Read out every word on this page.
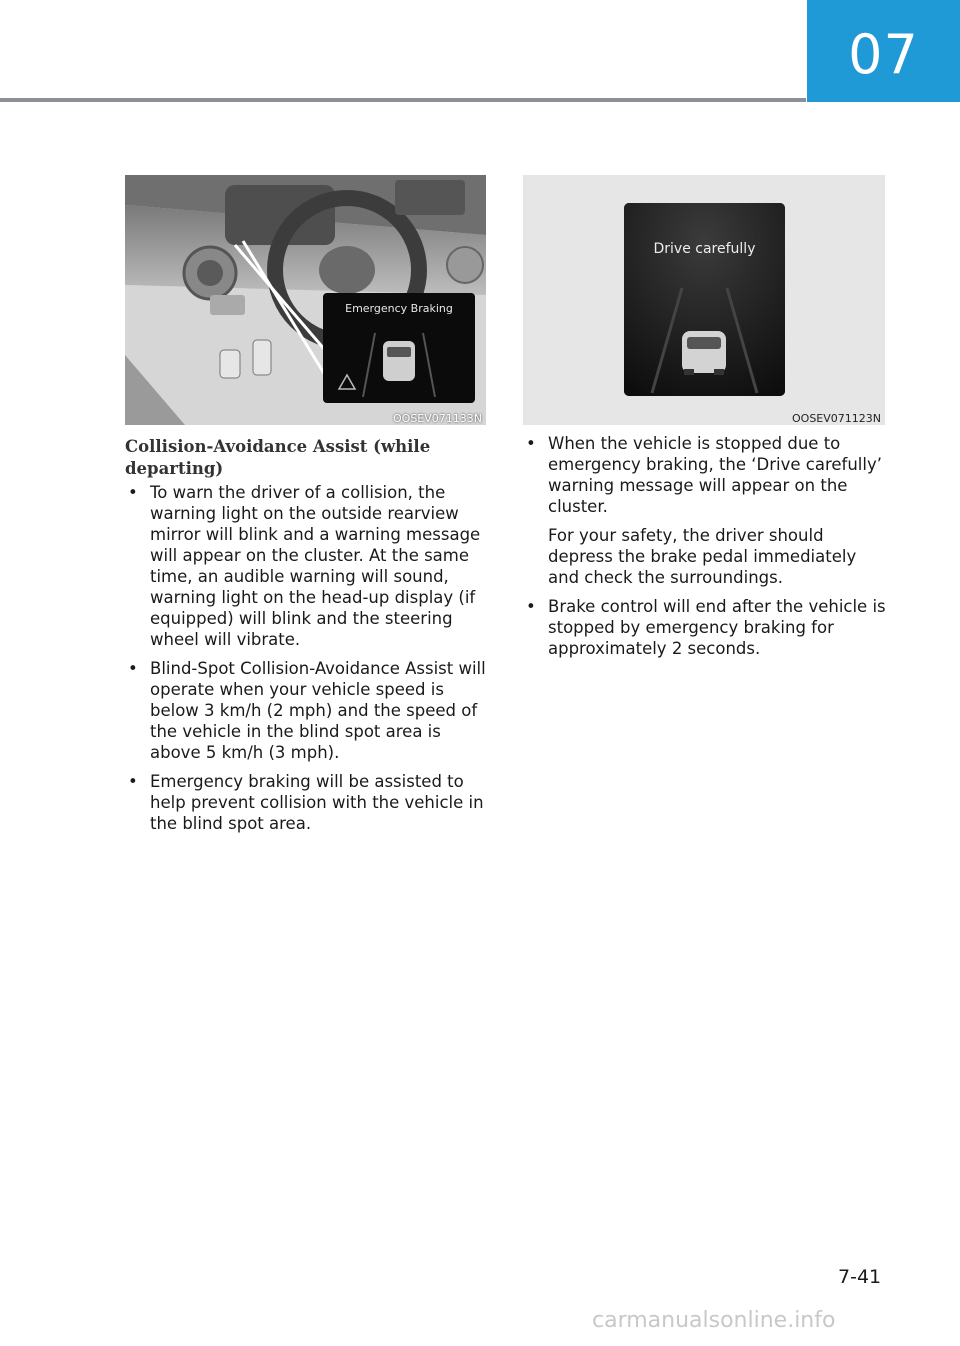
07
Emergency Braking
OOSEV071133N
Drive carefully
OOSEV071123N
Collision-Avoidance Assist (while departing)
• To warn the driver of a collision, the warning light on the outside rearview mirror will blink and a warning message will appear on the cluster. At the same time, an audible warning will sound, warning light on the head-up display (if equipped) will blink and the steering wheel will vibrate.
• Blind-Spot Collision-Avoidance Assist will operate when your vehicle speed is below 3 km/h (2 mph) and the speed of the vehicle in the blind spot area is above 5 km/h (3 mph).
• Emergency braking will be assisted to help prevent collision with the vehicle in the blind spot area.
• When the vehicle is stopped due to emergency braking, the ‘Drive carefully’ warning message will appear on the cluster.

For your safety, the driver should depress the brake pedal immediately and check the surroundings.

• Brake control will end after the vehicle is stopped by emergency braking for approximately 2 seconds.
7-41
carmanualsonline.info
